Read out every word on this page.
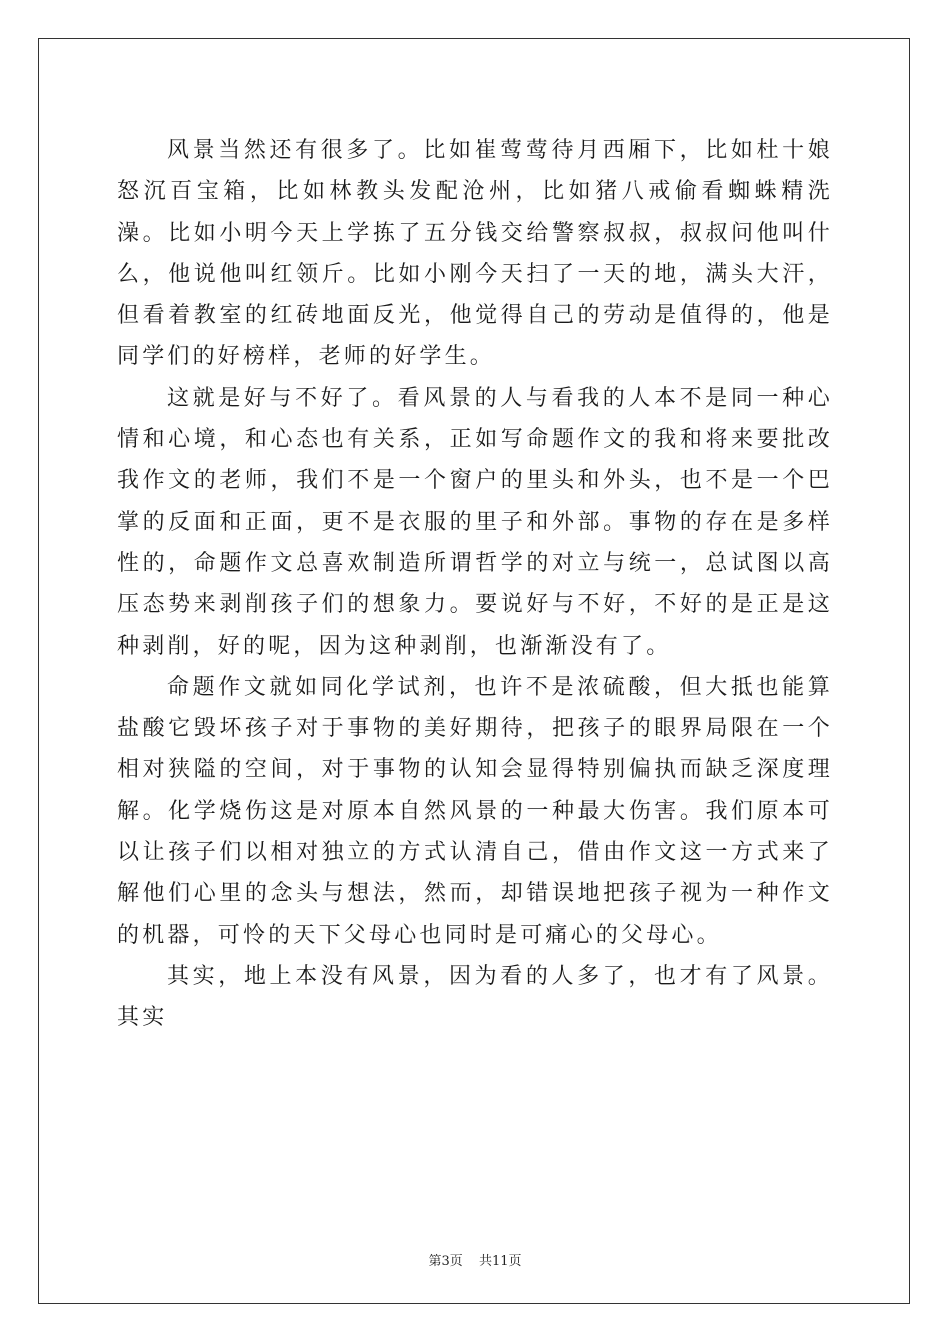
风景当然还有很多了。比如崔莺莺待月西厢下，比如杜十娘怒沉百宝箱，比如林教头发配沧州，比如猪八戒偷看蜘蛛精洗澡。比如小明今天上学拣了五分钱交给警察叔叔，叔叔问他叫什么，他说他叫红领斤。比如小刚今天扫了一天的地，满头大汗，但看着教室的红砖地面反光，他觉得自己的劳动是值得的，他是同学们的好榜样，老师的好学生。

这就是好与不好了。看风景的人与看我的人本不是同一种心情和心境，和心态也有关系，正如写命题作文的我和将来要批改我作文的老师，我们不是一个窗户的里头和外头，也不是一个巴掌的反面和正面，更不是衣服的里子和外部。事物的存在是多样性的，命题作文总喜欢制造所谓哲学的对立与统一，总试图以高压态势来剥削孩子们的想象力。要说好与不好，不好的是正是这种剥削，好的呢，因为这种剥削，也渐渐没有了。

命题作文就如同化学试剂，也许不是浓硫酸，但大抵也能算盐酸它毁坏孩子对于事物的美好期待，把孩子的眼界局限在一个相对狭隘的空间，对于事物的认知会显得特别偏执而缺乏深度理解。化学烧伤这是对原本自然风景的一种最大伤害。我们原本可以让孩子们以相对独立的方式认清自己，借由作文这一方式来了解他们心里的念头与想法，然而，却错误地把孩子视为一种作文的机器，可怜的天下父母心也同时是可痛心的父母心。

其实，地上本没有风景，因为看的人多了，也才有了风景。其实

第3页 共11页
